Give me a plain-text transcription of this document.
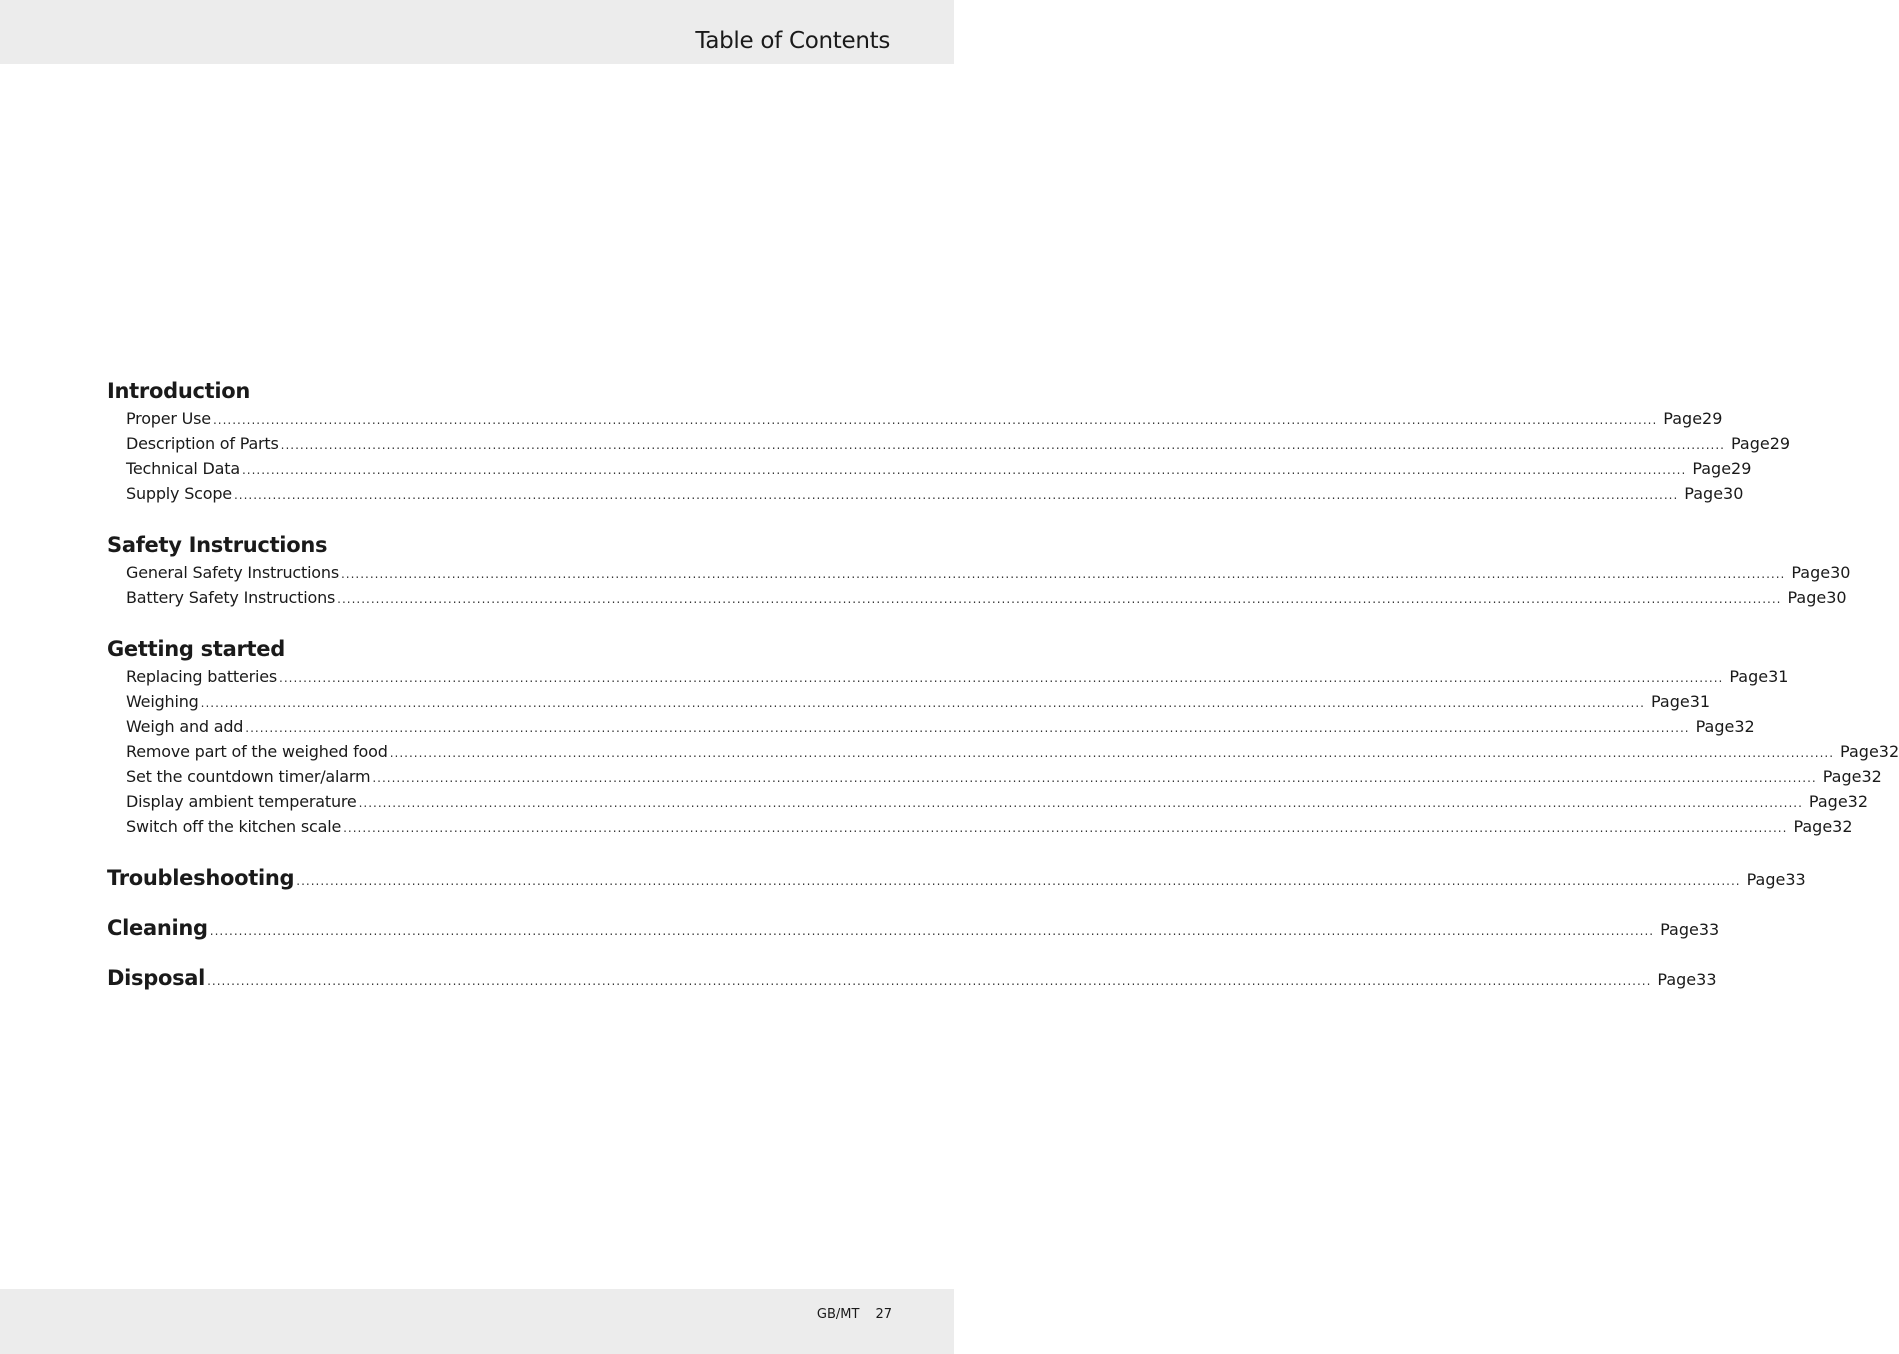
Table of Contents
Introduction
Proper Use ............................................................................................................................................................................................................................................................................................................ Page 29
Description of Parts ............................................................................................................................................................................................................................................................................................................ Page 29
Technical Data ............................................................................................................................................................................................................................................................................................................ Page 29
Supply Scope ............................................................................................................................................................................................................................................................................................................ Page 30
Safety Instructions
General Safety Instructions ............................................................................................................................................................................................................................................................................................................ Page 30
Battery Safety Instructions ............................................................................................................................................................................................................................................................................................................ Page 30
Getting started
Replacing batteries ............................................................................................................................................................................................................................................................................................................ Page 31
Weighing ............................................................................................................................................................................................................................................................................................................ Page 31
Weigh and add ............................................................................................................................................................................................................................................................................................................ Page 32
Remove part of the weighed food ............................................................................................................................................................................................................................................................................................................ Page 32
Set the countdown timer/alarm ............................................................................................................................................................................................................................................................................................................ Page 32
Display ambient temperature ............................................................................................................................................................................................................................................................................................................ Page 32
Switch off the kitchen scale ............................................................................................................................................................................................................................................................................................................ Page 32
Troubleshooting ............................................................................................................................................................................................................................................................................................................ Page 33
Cleaning ............................................................................................................................................................................................................................................................................................................ Page 33
Disposal ............................................................................................................................................................................................................................................................................................................ Page 33
GB/MT 27
